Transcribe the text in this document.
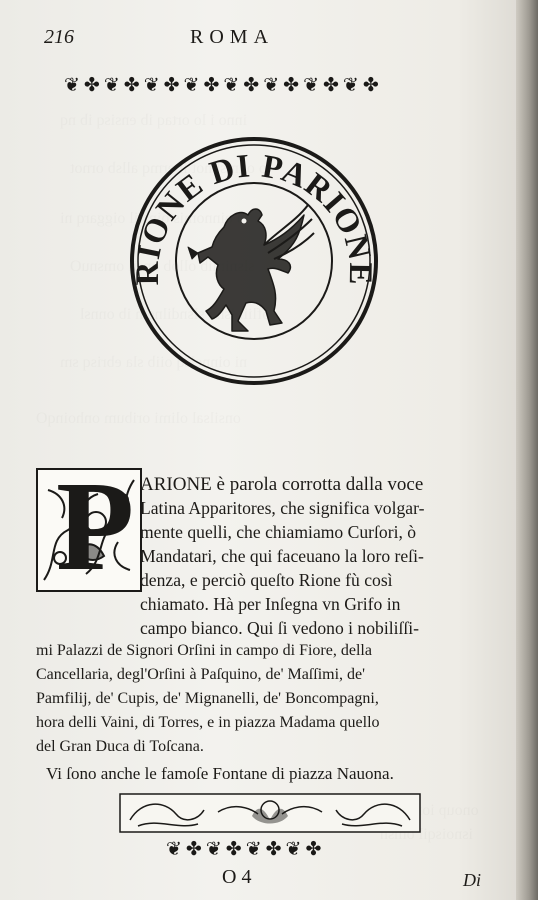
216	ROMA
❦ ✤ ❦ ✤ ❦ ✤ ❦ ✤ ❦ ✤ ❦ ✤ ❦ ✤ ❦ ✤
RIONE DI PARIONE
P ARIONE è parola corrotta dalla voce
Latina Apparitores, che significa volgar-
mente quelli, che chiamiamo Curſori, ò
Mandatari, che qui faceuano la loro reſi-
denza, e perciò queſto Rione fù così
chiamato. Hà per Inſegna vn Grifo in
campo bianco. Qui ſi vedono i nobiliſſi-
mi Palazzi de Signori Orſini in campo di Fiore, della
Cancellaria, degl'Orſini à Paſquino, de' Maſſimi, de'
Pamfilij, de' Cupis, de' Mignanelli, de' Boncompagni,
hora delli Vaini, di Torres, e in piazza Madama quello
del Gran Duca di Toſcana.
❦ ✤ ❦ ✤ ❦ ✤ ❦ ✤
O 4	Di
Vi ſono anche le famoſe Fontane di piazza Nauona.
